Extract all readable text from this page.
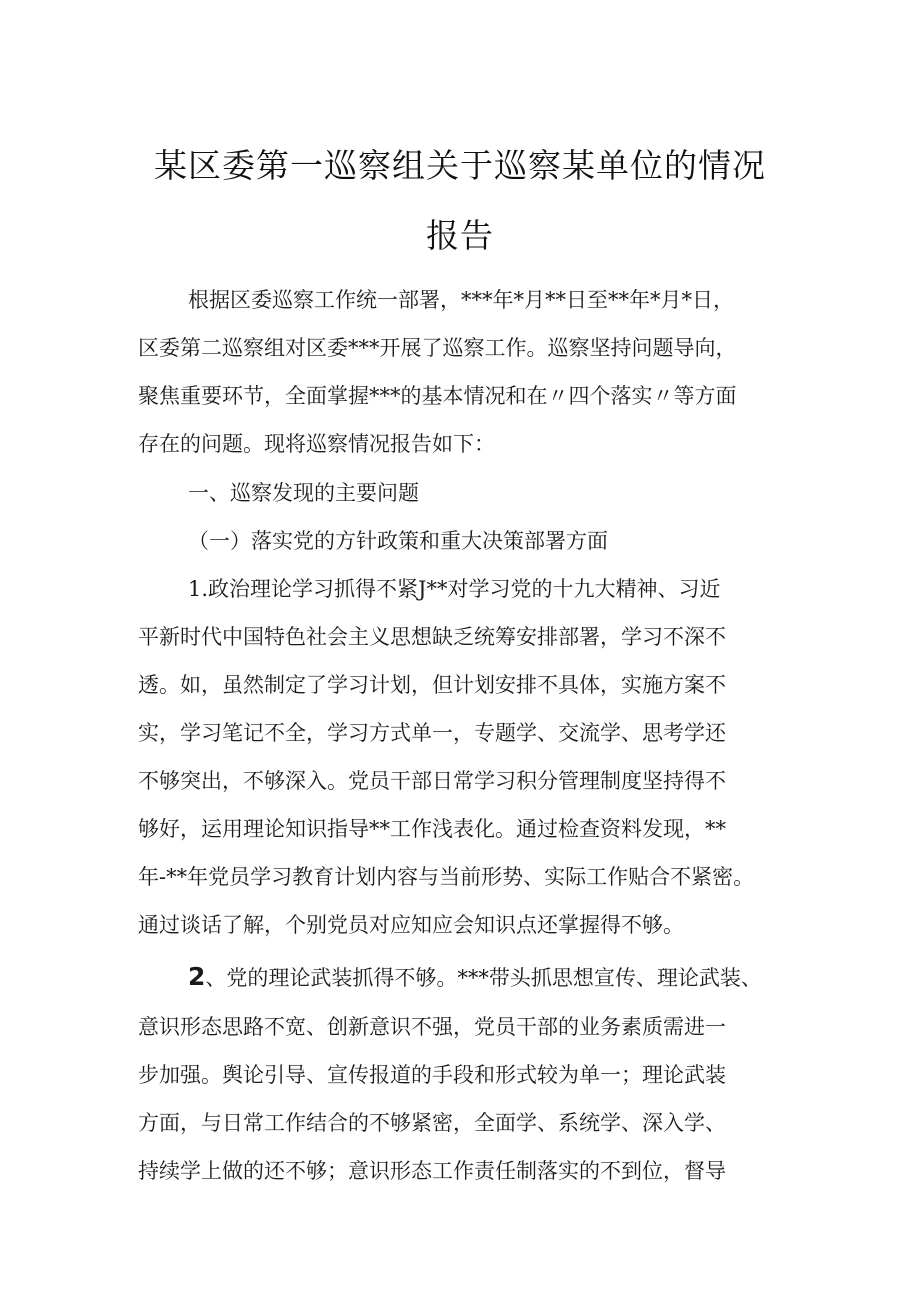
某区委第一巡察组关于巡察某单位的情况
报告
根据区委巡察工作统一部署，***年*月**日至**年*月*日，
区委第二巡察组对区委***开展了巡察工作。巡察坚持问题导向，
聚焦重要环节，全面掌握***的基本情况和在〃四个落实〃等方面
存在的问题。现将巡察情况报告如下：
一、巡察发现的主要问题
（一）落实党的方针政策和重大决策部署方面
1.政治理论学习抓得不紧J**对学习党的十九大精神、习近
平新时代中国特色社会主义思想缺乏统筹安排部署，学习不深不
透。如，虽然制定了学习计划，但计划安排不具体，实施方案不
实，学习笔记不全，学习方式单一，专题学、交流学、思考学还
不够突出，不够深入。党员干部日常学习积分管理制度坚持得不
够好，运用理论知识指导**工作浅表化。通过检查资料发现，**
年-**年党员学习教育计划内容与当前形势、实际工作贴合不紧密。
通过谈话了解，个别党员对应知应会知识点还掌握得不够。
2、党的理论武装抓得不够。***带头抓思想宣传、理论武装、
意识形态思路不宽、创新意识不强，党员干部的业务素质需进一
步加强。舆论引导、宣传报道的手段和形式较为单一；理论武装
方面，与日常工作结合的不够紧密，全面学、系统学、深入学、
持续学上做的还不够；意识形态工作责任制落实的不到位，督导
